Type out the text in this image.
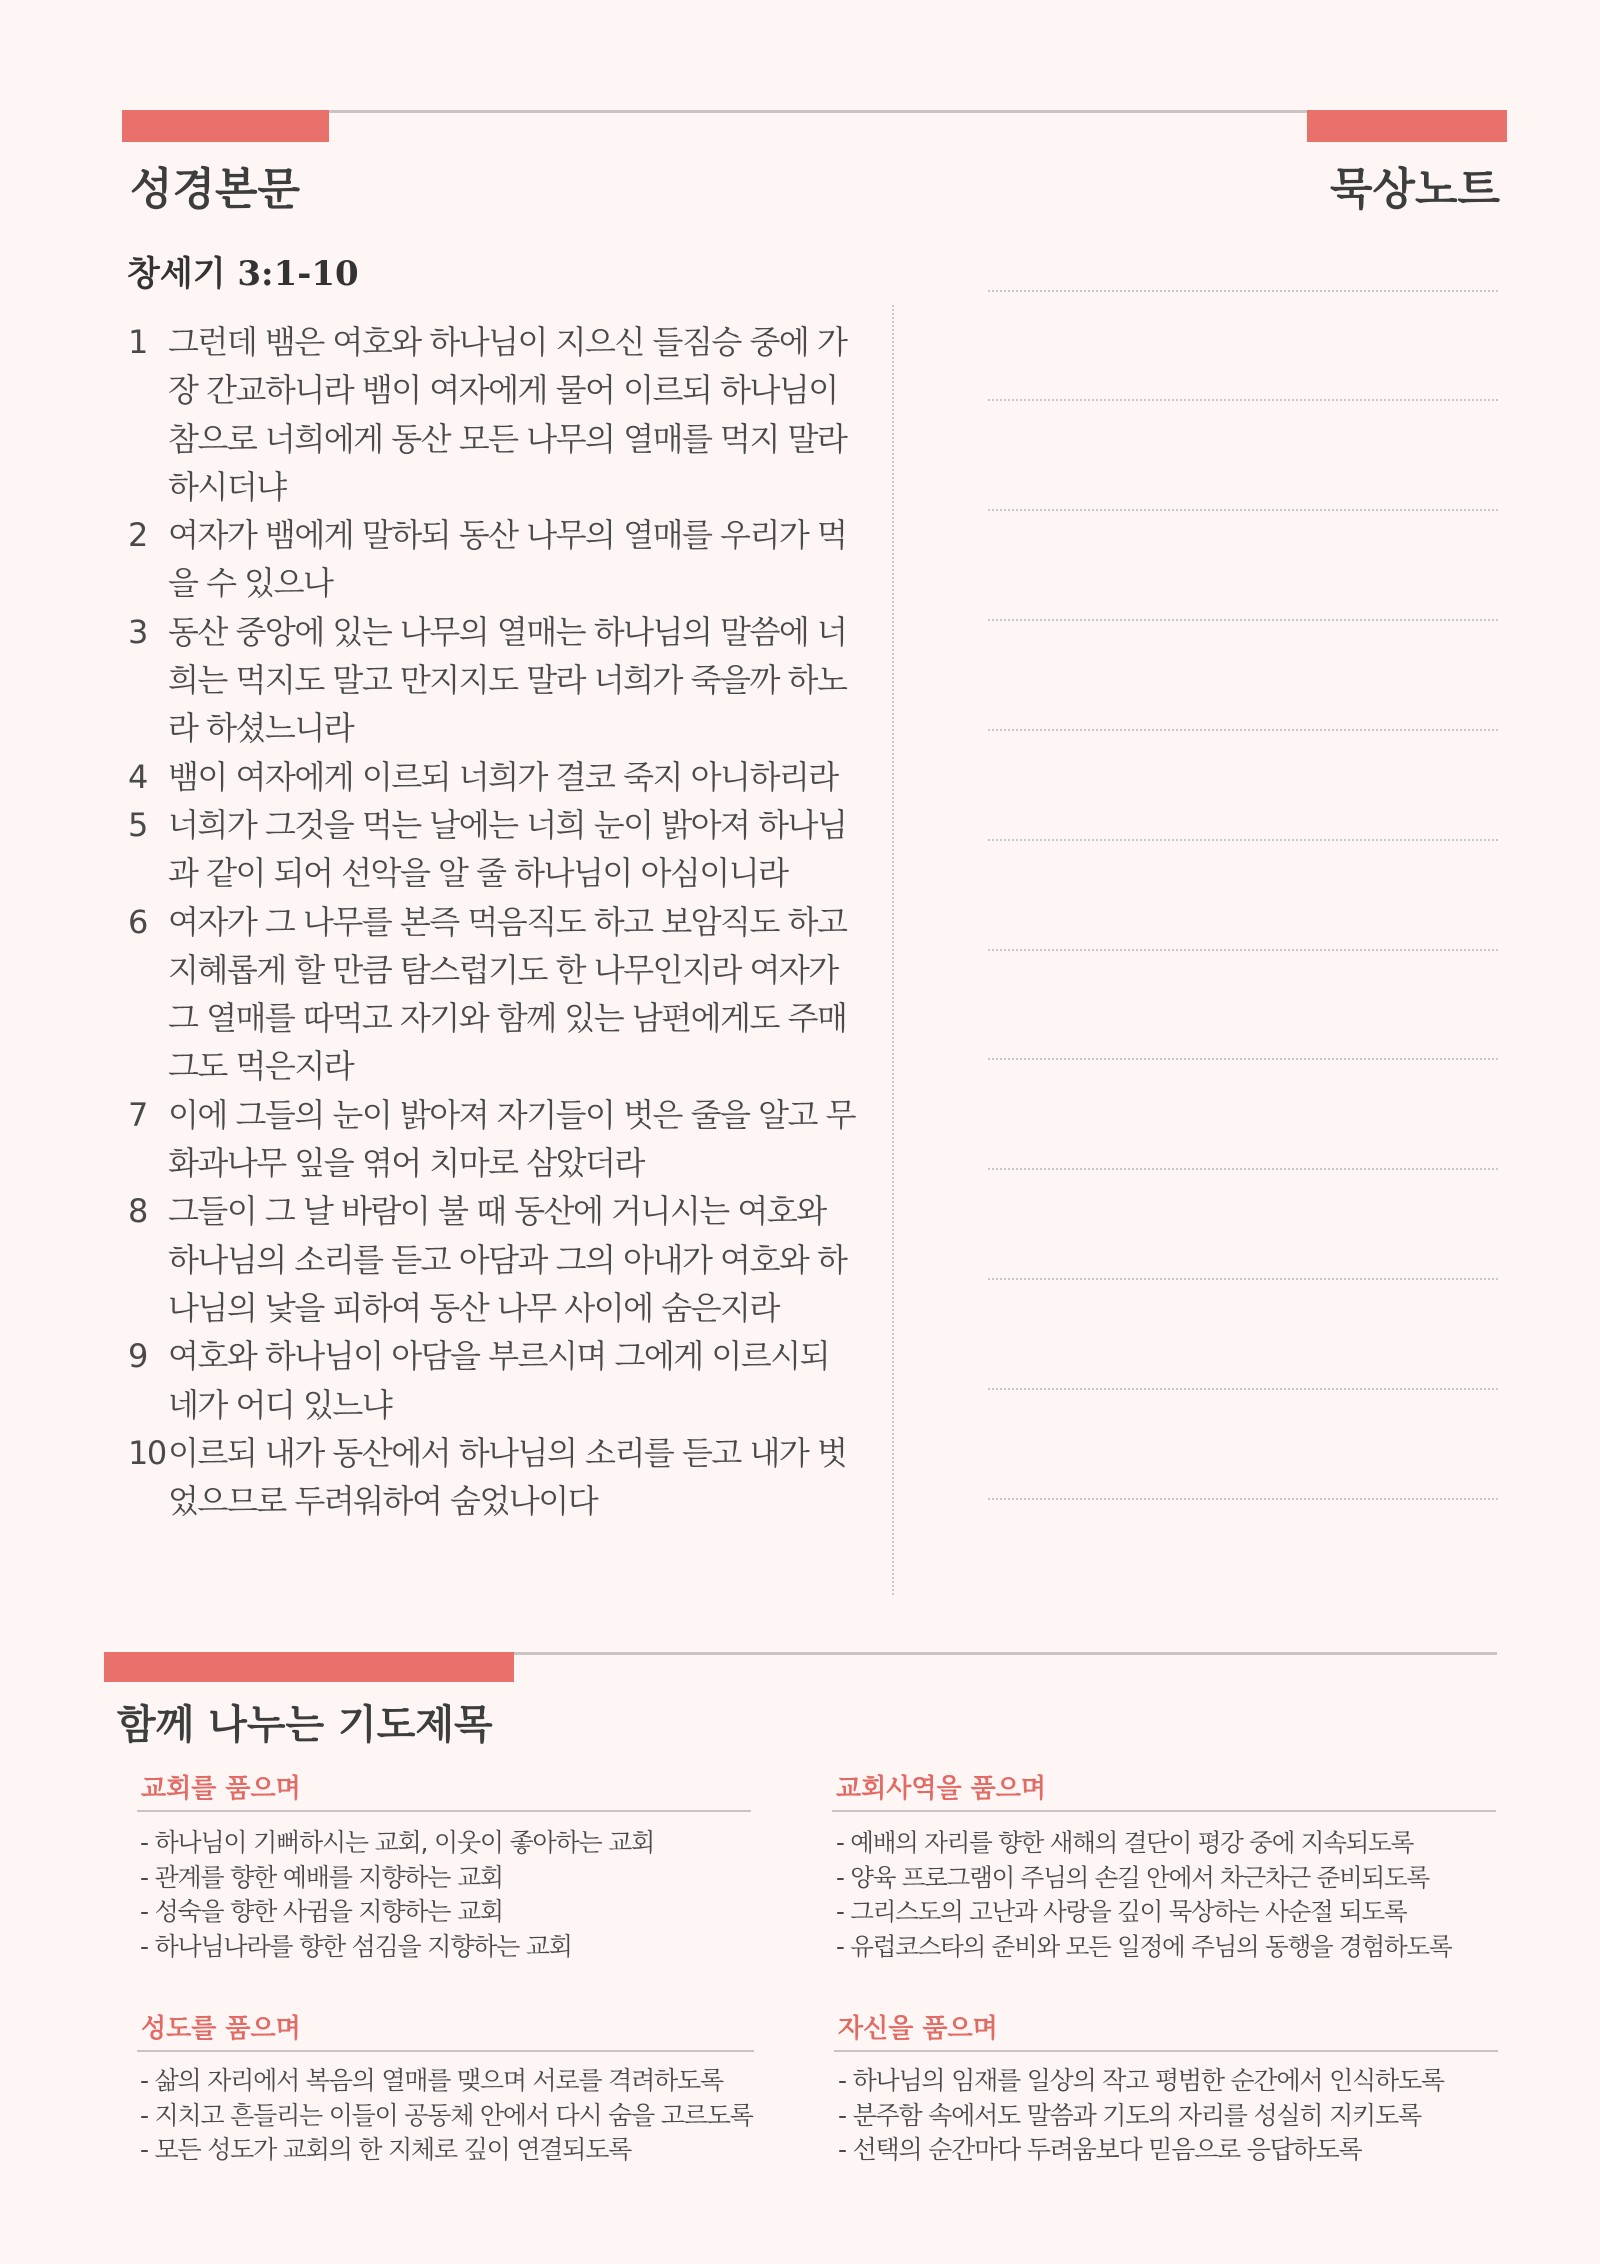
성경본문	묵상노트
창세기 3:1-10
1 그런데 뱀은 여호와 하나님이 지으신 들짐승 중에 가장 간교하니라 뱀이 여자에게 물어 이르되 하나님이 참으로 너희에게 동산 모든 나무의 열매를 먹지 말라 하시더냐
2 여자가 뱀에게 말하되 동산 나무의 열매를 우리가 먹을 수 있으나
3 동산 중앙에 있는 나무의 열매는 하나님의 말씀에 너희는 먹지도 말고 만지지도 말라 너희가 죽을까 하노라 하셨느니라
4 뱀이 여자에게 이르되 너희가 결코 죽지 아니하리라
5 너희가 그것을 먹는 날에는 너희 눈이 밝아져 하나님과 같이 되어 선악을 알 줄 하나님이 아심이니라
6 여자가 그 나무를 본즉 먹음직도 하고 보암직도 하고 지혜롭게 할 만큼 탐스럽기도 한 나무인지라 여자가 그 열매를 따먹고 자기와 함께 있는 남편에게도 주매 그도 먹은지라
7 이에 그들의 눈이 밝아져 자기들이 벗은 줄을 알고 무화과나무 잎을 엮어 치마로 삼았더라
8 그들이 그 날 바람이 불 때 동산에 거니시는 여호와 하나님의 소리를 듣고 아담과 그의 아내가 여호와 하나님의 낯을 피하여 동산 나무 사이에 숨은지라
9 여호와 하나님이 아담을 부르시며 그에게 이르시되 네가 어디 있느냐
10 이르되 내가 동산에서 하나님의 소리를 듣고 내가 벗었으므로 두려워하여 숨었나이다
함께 나누는 기도제목
교회를 품으며
- 하나님이 기뻐하시는 교회, 이웃이 좋아하는 교회
- 관계를 향한 예배를 지향하는 교회
- 성숙을 향한 사귐을 지향하는 교회
- 하나님나라를 향한 섬김을 지향하는 교회
교회사역을 품으며
- 예배의 자리를 향한 새해의 결단이 평강 중에 지속되도록
- 양육 프로그램이 주님의 손길 안에서 차근차근 준비되도록
- 그리스도의 고난과 사랑을 깊이 묵상하는 사순절 되도록
- 유럽코스타의 준비와 모든 일정에 주님의 동행을 경험하도록
성도를 품으며
- 삶의 자리에서 복음의 열매를 맺으며 서로를 격려하도록
- 지치고 흔들리는 이들이 공동체 안에서 다시 숨을 고르도록
- 모든 성도가 교회의 한 지체로 깊이 연결되도록
자신을 품으며
- 하나님의 임재를 일상의 작고 평범한 순간에서 인식하도록
- 분주함 속에서도 말씀과 기도의 자리를 성실히 지키도록
- 선택의 순간마다 두려움보다 믿음으로 응답하도록
